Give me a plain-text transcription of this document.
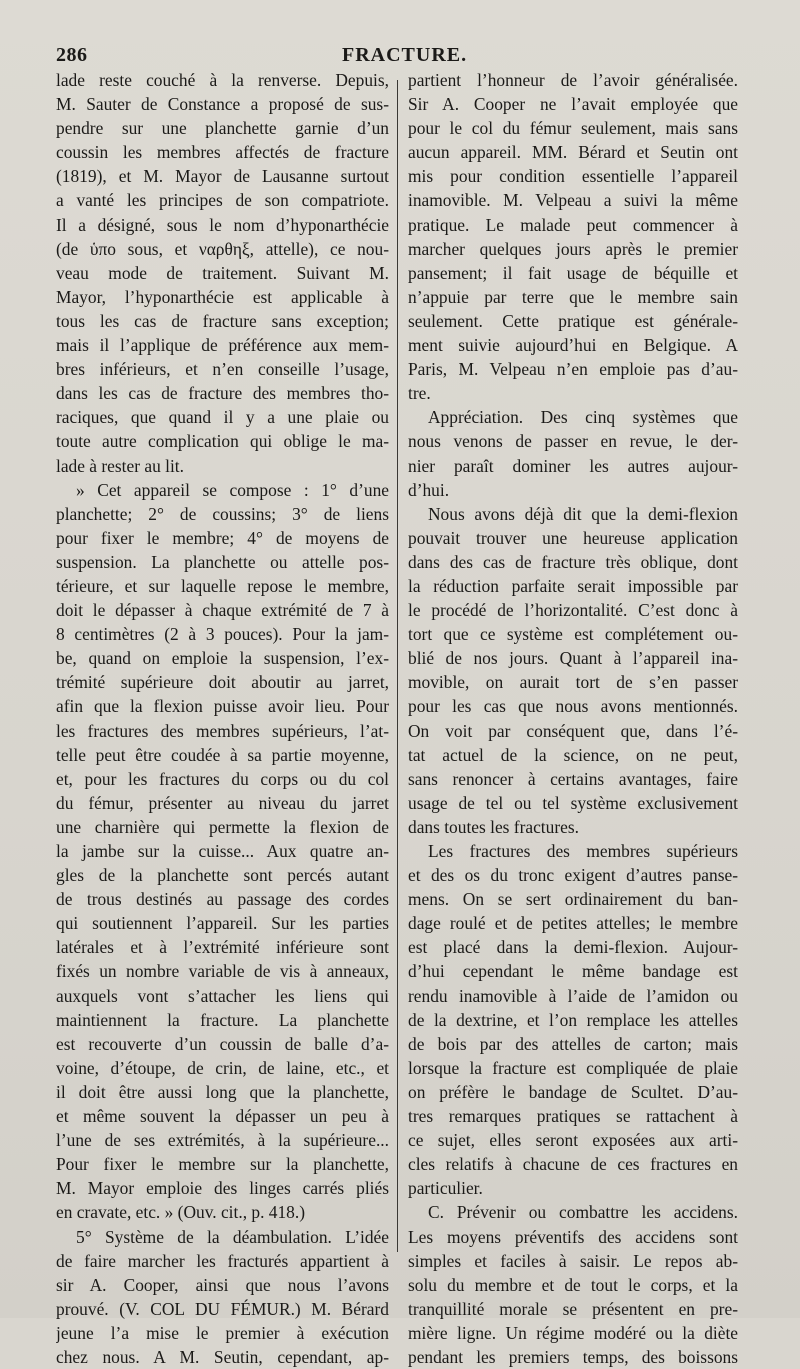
286	FRACTURE.
lade reste couché à la renverse. Depuis,
M. Sauter de Constance a proposé de sus-
pendre sur une planchette garnie d’un
coussin les membres affectés de fracture
(1819), et M. Mayor de Lausanne surtout
a vanté les principes de son compatriote.
Il a désigné, sous le nom d’hyponarthécie
(de ὑπο sous, et ναρθηξ, attelle), ce nou-
veau mode de traitement. Suivant M.
Mayor, l’hyponarthécie est applicable à
tous les cas de fracture sans exception;
mais il l’applique de préférence aux mem-
bres inférieurs, et n’en conseille l’usage,
dans les cas de fracture des membres tho-
raciques, que quand il y a une plaie ou
toute autre complication qui oblige le ma-
lade à rester au lit.
» Cet appareil se compose : 1° d’une
planchette; 2° de coussins; 3° de liens
pour fixer le membre; 4° de moyens de
suspension. La planchette ou attelle pos-
térieure, et sur laquelle repose le membre,
doit le dépasser à chaque extrémité de 7 à
8 centimètres (2 à 3 pouces). Pour la jam-
be, quand on emploie la suspension, l’ex-
trémité supérieure doit aboutir au jarret,
afin que la flexion puisse avoir lieu. Pour
les fractures des membres supérieurs, l’at-
telle peut être coudée à sa partie moyenne,
et, pour les fractures du corps ou du col
du fémur, présenter au niveau du jarret
une charnière qui permette la flexion de
la jambe sur la cuisse... Aux quatre an-
gles de la planchette sont percés autant
de trous destinés au passage des cordes
qui soutiennent l’appareil. Sur les parties
latérales et à l’extrémité inférieure sont
fixés un nombre variable de vis à anneaux,
auxquels vont s’attacher les liens qui
maintiennent la fracture. La planchette
est recouverte d’un coussin de balle d’a-
voine, d’étoupe, de crin, de laine, etc., et
il doit être aussi long que la planchette,
et même souvent la dépasser un peu à
l’une de ses extrémités, à la supérieure...
Pour fixer le membre sur la planchette,
M. Mayor emploie des linges carrés pliés
en cravate, etc. » (Ouv. cit., p. 418.)
5° Système de la déambulation. L’idée
de faire marcher les fracturés appartient à
sir A. Cooper, ainsi que nous l’avons
prouvé. (V. COL DU FÉMUR.) M. Bérard
jeune l’a mise le premier à exécution
chez nous. A M. Seutin, cependant, ap-
partient l’honneur de l’avoir généralisée.
Sir A. Cooper ne l’avait employée que
pour le col du fémur seulement, mais sans
aucun appareil. MM. Bérard et Seutin ont
mis pour condition essentielle l’appareil
inamovible. M. Velpeau a suivi la même
pratique. Le malade peut commencer à
marcher quelques jours après le premier
pansement; il fait usage de béquille et
n’appuie par terre que le membre sain
seulement. Cette pratique est générale-
ment suivie aujourd’hui en Belgique. A
Paris, M. Velpeau n’en emploie pas d’au-
tre.
Appréciation. Des cinq systèmes que
nous venons de passer en revue, le der-
nier paraît dominer les autres aujour-
d’hui.
Nous avons déjà dit que la demi-flexion
pouvait trouver une heureuse application
dans des cas de fracture très oblique, dont
la réduction parfaite serait impossible par
le procédé de l’horizontalité. C’est donc à
tort que ce système est complétement ou-
blié de nos jours. Quant à l’appareil ina-
movible, on aurait tort de s’en passer
pour les cas que nous avons mentionnés.
On voit par conséquent que, dans l’é-
tat actuel de la science, on ne peut,
sans renoncer à certains avantages, faire
usage de tel ou tel système exclusivement
dans toutes les fractures.
Les fractures des membres supérieurs
et des os du tronc exigent d’autres panse-
mens. On se sert ordinairement du ban-
dage roulé et de petites attelles; le membre
est placé dans la demi-flexion. Aujour-
d’hui cependant le même bandage est
rendu inamovible à l’aide de l’amidon ou
de la dextrine, et l’on remplace les attelles
de bois par des attelles de carton; mais
lorsque la fracture est compliquée de plaie
on préfère le bandage de Scultet. D’au-
tres remarques pratiques se rattachent à
ce sujet, elles seront exposées aux arti-
cles relatifs à chacune de ces fractures en
particulier.
C. Prévenir ou combattre les accidens.
Les moyens préventifs des accidens sont
simples et faciles à saisir. Le repos ab-
solu du membre et de tout le corps, et la
tranquillité morale se présentent en pre-
mière ligne. Un régime modéré ou la diète
pendant les premiers temps, des boissons
